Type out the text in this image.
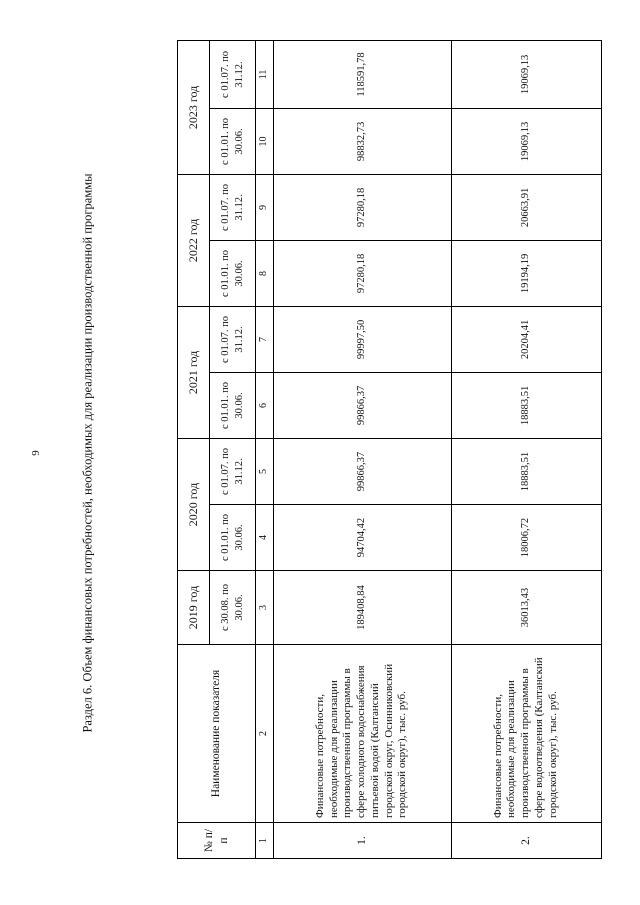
9	Раздел 6. Объем финансовых потребностей, необходимых для реализации производственной программы
№ п/п	Наименование показателя	2019 год	2020 год		2021 год		2022 год		2023 год	
		с 30.08. по 30.06.	с 01.01. по 30.06.	с 01.07. по 31.12.	с 01.01. по 30.06.	с 01.07. по 31.12.	с 01.01. по 30.06.	с 01.07. по 31.12.	с 01.01. по 30.06.	с 01.07. по 31.12.
1	2	3	4	5	6	7	8	9	10	11
1.	Финансовые потребности, необходимые для реализации производственной программы в сфере холодного водоснабжения питьевой водой (Калтанский городской округ, Осинниковский городской округ), тыс. руб.	189408,84	94704,42	99866,37	99866,37	99997,50	97280,18	97280,18	98832,73	118591,78
2.	Финансовые потребности, необходимые для реализации производственной программы в сфере водоотведения (Калтанский городской округ), тыс. руб.	36013,43	18006,72	18883,51	18883,51	20204,41	19194,19	20663,91	19069,13	19069,13
